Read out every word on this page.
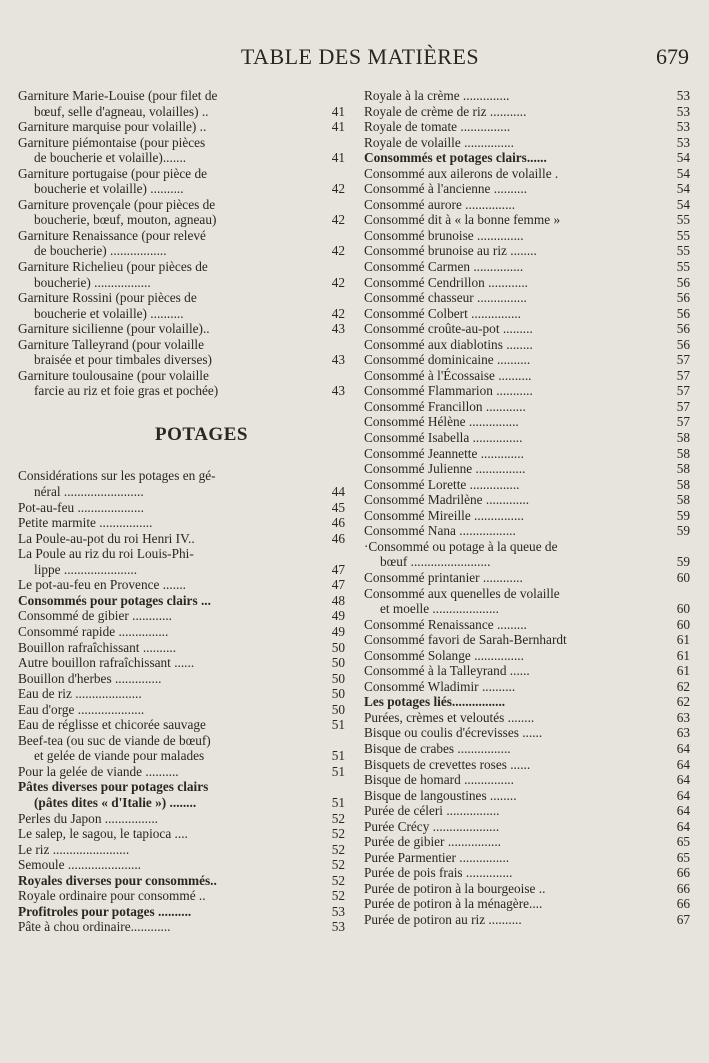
TABLE DES MATIÈRES	679
Garniture Marie-Louise (pour filet de
bœuf, selle d'agneau, volailles) ..	41
Garniture marquise pour volaille) ..	41
Garniture piémontaise (pour pièces
de boucherie et volaille).......	41
Garniture portugaise (pour pièce de
boucherie et volaille) ..........	42
Garniture provençale (pour pièces de
boucherie, bœuf, mouton, agneau)	42
Garniture Renaissance (pour relevé
de boucherie) .................	42
Garniture Richelieu (pour pièces de
boucherie) .................	42
Garniture Rossini (pour pièces de
boucherie et volaille) ..........	42
Garniture sicilienne (pour volaille)..	43
Garniture Talleyrand (pour volaille
braisée et pour timbales diverses)	43
Garniture toulousaine (pour volaille
farcie au riz et foie gras et pochée)	43
POTAGES
Considérations sur les potages en gé-
néral ........................	44
Pot-au-feu ....................	45
Petite marmite ................	46
La Poule-au-pot du roi Henri IV..	46
La Poule au riz du roi Louis-Phi-
lippe ......................	47
Le pot-au-feu en Provence .......	47
Consommés pour potages clairs ...	48
Consommé de gibier ............	49
Consommé rapide ...............	49
Bouillon rafraîchissant ..........	50
Autre bouillon rafraîchissant ......	50
Bouillon d'herbes ..............	50
Eau de riz ....................	50
Eau d'orge ....................	50
Eau de réglisse et chicorée sauvage	51
Beef-tea (ou suc de viande de bœuf)
et gelée de viande pour malades	51
Pour la gelée de viande ..........	51
Pâtes diverses pour potages clairs
(pâtes dites « d'Italie ») ........	51
Perles du Japon ................	52
Le salep, le sagou, le tapioca ....	52
Le riz .......................	52
Semoule ......................	52
Royales diverses pour consommés..	52
Royale ordinaire pour consommé ..	52
Profitroles pour potages ..........	53
Pâte à chou ordinaire............	53
Royale à la crème ..............	53
Royale de crème de riz ...........	53
Royale de tomate ...............	53
Royale de volaille ...............	53
Consommés et potages clairs......	54
Consommé aux ailerons de volaille .	54
Consommé à l'ancienne ..........	54
Consommé aurore ...............	54
Consommé dit à « la bonne femme »	55
Consommé brunoise ..............	55
Consommé brunoise au riz ........	55
Consommé Carmen ...............	55
Consommé Cendrillon ............	56
Consommé chasseur ...............	56
Consommé Colbert ...............	56
Consommé croûte-au-pot .........	56
Consommé aux diablotins ........	56
Consommé dominicaine ..........	57
Consommé à l'Écossaise ..........	57
Consommé Flammarion ...........	57
Consommé Francillon ............	57
Consommé Hélène ...............	57
Consommé Isabella ...............	58
Consommé Jeannette .............	58
Consommé Julienne ...............	58
Consommé Lorette ...............	58
Consommé Madrilène .............	58
Consommé Mireille ...............	59
Consommé Nana .................	59
·Consommé ou potage à la queue de
bœuf ........................	59
Consommé printanier ............	60
Consommé aux quenelles de volaille
et moelle ....................	60
Consommé Renaissance .........	60
Consommé favori de Sarah-Bernhardt	61
Consommé Solange ...............	61
Consommé à la Talleyrand ......	61
Consommé Wladimir ..........	62
Les potages liés................	62
Purées, crèmes et veloutés ........	63
Bisque ou coulis d'écrevisses ......	63
Bisque de crabes ................	64
Bisquets de crevettes roses ......	64
Bisque de homard ...............	64
Bisque de langoustines ........	64
Purée de céleri ................	64
Purée Crécy ....................	64
Purée de gibier ................	65
Purée Parmentier ...............	65
Purée de pois frais ..............	66
Purée de potiron à la bourgeoise ..	66
Purée de potiron à la ménagère....	66
Purée de potiron au riz ..........	67
